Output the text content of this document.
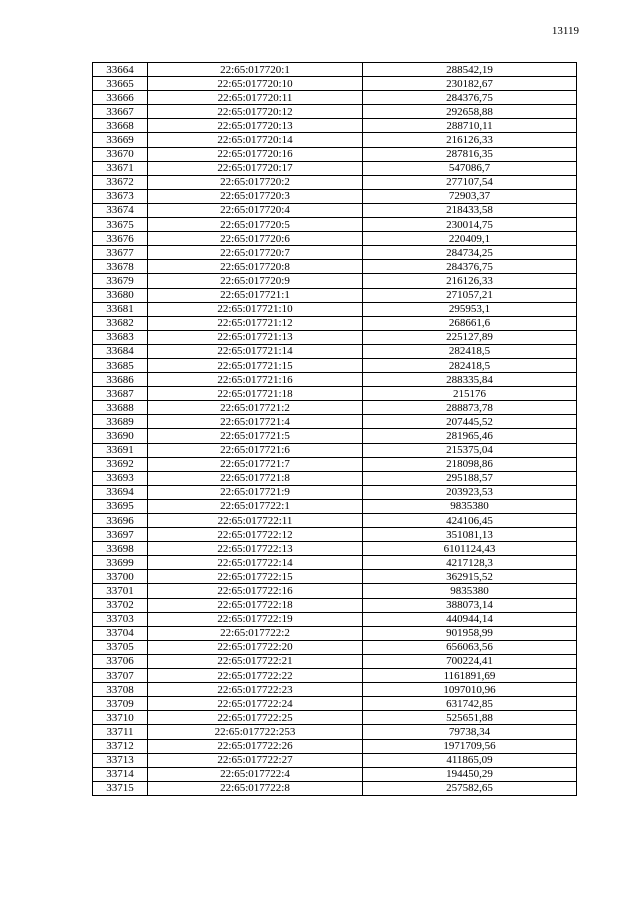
13119
33664	22:65:017720:1	288542,19
33665	22:65:017720:10	230182,67
33666	22:65:017720:11	284376,75
33667	22:65:017720:12	292658,88
33668	22:65:017720:13	288710,11
33669	22:65:017720:14	216126,33
33670	22:65:017720:16	287816,35
33671	22:65:017720:17	547086,7
33672	22:65:017720:2	277107,54
33673	22:65:017720:3	72903,37
33674	22:65:017720:4	218433,58
33675	22:65:017720:5	230014,75
33676	22:65:017720:6	220409,1
33677	22:65:017720:7	284734,25
33678	22:65:017720:8	284376,75
33679	22:65:017720:9	216126,33
33680	22:65:017721:1	271057,21
33681	22:65:017721:10	295953,1
33682	22:65:017721:12	268661,6
33683	22:65:017721:13	225127,89
33684	22:65:017721:14	282418,5
33685	22:65:017721:15	282418,5
33686	22:65:017721:16	288335,84
33687	22:65:017721:18	215176
33688	22:65:017721:2	288873,78
33689	22:65:017721:4	207445,52
33690	22:65:017721:5	281965,46
33691	22:65:017721:6	215375,04
33692	22:65:017721:7	218098,86
33693	22:65:017721:8	295188,57
33694	22:65:017721:9	203923,53
33695	22:65:017722:1	9835380
33696	22:65:017722:11	424106,45
33697	22:65:017722:12	351081,13
33698	22:65:017722:13	6101124,43
33699	22:65:017722:14	4217128,3
33700	22:65:017722:15	362915,52
33701	22:65:017722:16	9835380
33702	22:65:017722:18	388073,14
33703	22:65:017722:19	440944,14
33704	22:65:017722:2	901958,99
33705	22:65:017722:20	656063,56
33706	22:65:017722:21	700224,41
33707	22:65:017722:22	1161891,69
33708	22:65:017722:23	1097010,96
33709	22:65:017722:24	631742,85
33710	22:65:017722:25	525651,88
33711	22:65:017722:253	79738,34
33712	22:65:017722:26	1971709,56
33713	22:65:017722:27	411865,09
33714	22:65:017722:4	194450,29
33715	22:65:017722:8	257582,65
